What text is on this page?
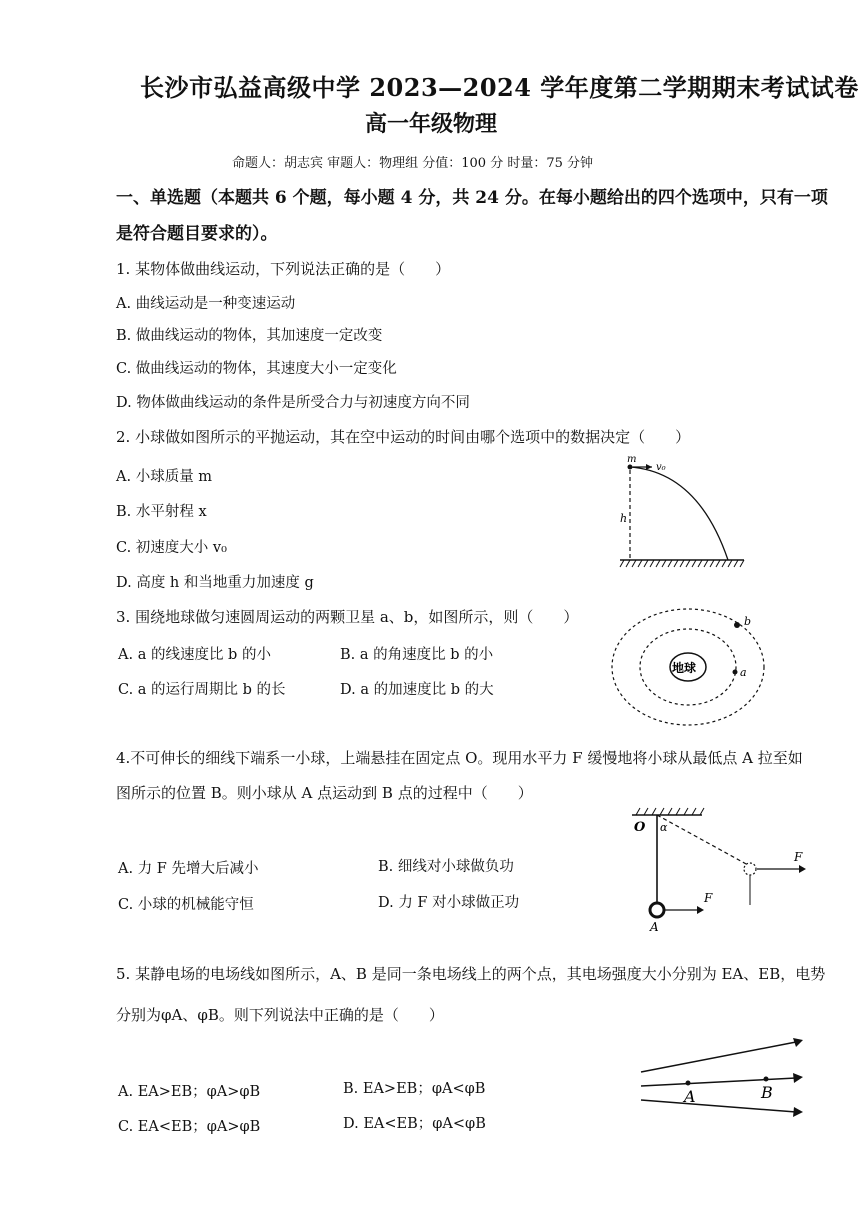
长沙市弘益高级中学 2023—2024 学年度第二学期期末考试试卷
高一年级物理
命题人：胡志宾 审题人：物理组 分值：100 分 时量：75 分钟
一、单选题（本题共 6 个题，每小题 4 分，共 24 分。在每小题给出的四个选项中，只有一项
是符合题目要求的）。
1. 某物体做曲线运动，下列说法正确的是（　　）
A. 曲线运动是一种变速运动
B. 做曲线运动的物体，其加速度一定改变
C. 做曲线运动的物体，其速度大小一定变化
D. 物体做曲线运动的条件是所受合力与初速度方向不同
2. 小球做如图所示的平抛运动，其在空中运动的时间由哪个选项中的数据决定（　　）
A. 小球质量 m
B. 水平射程 x
C. 初速度大小 v₀
D. 高度 h 和当地重力加速度 g
m
v₀
h
3. 围绕地球做匀速圆周运动的两颗卫星 a、b，如图所示，则（　　）
A. a 的线速度比 b 的小	B. a 的角速度比 b 的小
C. a 的运行周期比 b 的长	D. a 的加速度比 b 的大
地球	a
b
4.不可伸长的细线下端系一小球，上端悬挂在固定点 O。现用水平力 F 缓慢地将小球从最低点 A 拉至如
图所示的位置 B。则小球从 A 点运动到 B 点的过程中（　　）
A. 力 F 先增大后减小	B. 细线对小球做负功
C. 小球的机械能守恒	D. 力 F 对小球做正功
O α
A
F
F
5. 某静电场的电场线如图所示，A、B 是同一条电场线上的两个点，其电场强度大小分别为 EA、EB，电势
分别为φA、φB。则下列说法中正确的是（　　）
A. EA>EB；φA>φB	B. EA>EB；φA<φB
C. EA<EB；φA>φB	D. EA<EB；φA<φB
A	B
